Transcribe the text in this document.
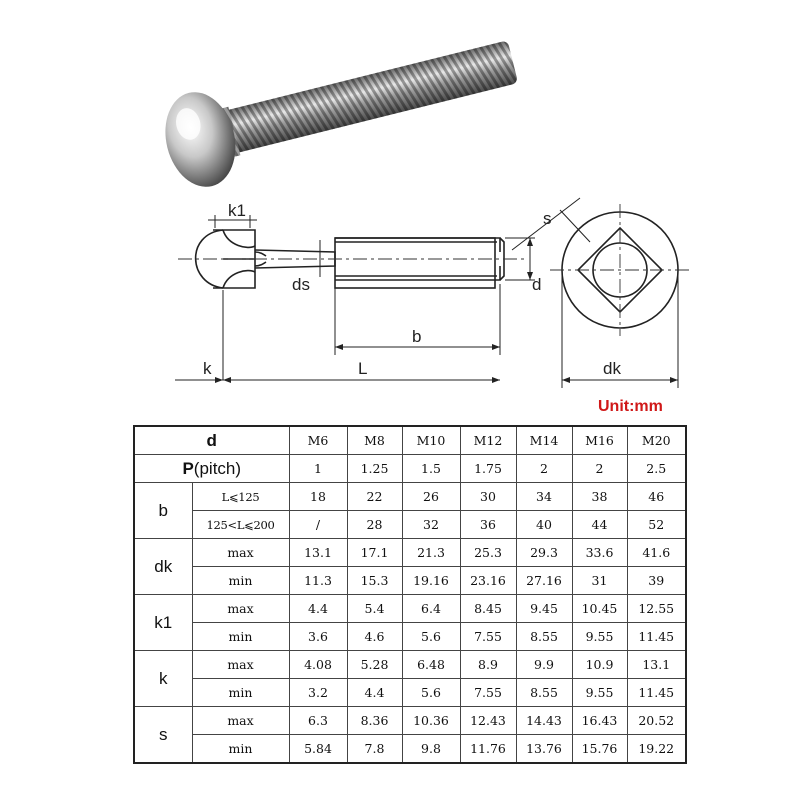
k1	s
ds	d
b
k	L	dk
Unit:mm
d		M6	M8	M10	M12	M14	M16	M20
P(pitch)		1	1.25	1.5	1.75	2	2	2.5
b	L⩽125	18	22	26	30	34	38	46
	125<L⩽200	/	28	32	36	40	44	52
dk	max	13.1	17.1	21.3	25.3	29.3	33.6	41.6
	min	11.3	15.3	19.16	23.16	27.16	31	39
k1	max	4.4	5.4	6.4	8.45	9.45	10.45	12.55
	min	3.6	4.6	5.6	7.55	8.55	9.55	11.45
k	max	4.08	5.28	6.48	8.9	9.9	10.9	13.1
	min	3.2	4.4	5.6	7.55	8.55	9.55	11.45
s	max	6.3	8.36	10.36	12.43	14.43	16.43	20.52
	min	5.84	7.8	9.8	11.76	13.76	15.76	19.22
